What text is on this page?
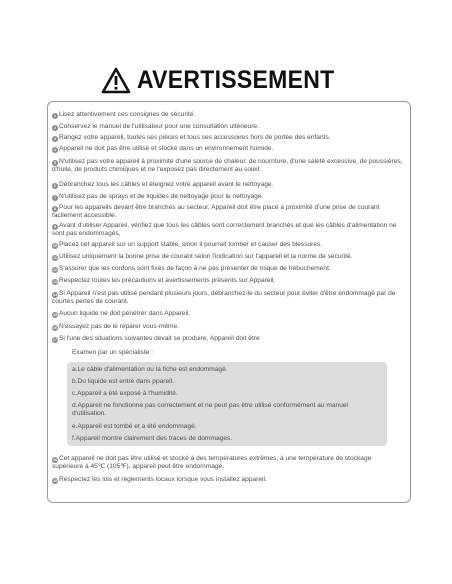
AVERTISSEMENT
1 Lisez attentivement ces consignes de sécurité.
2 Conservez le manuel de l'utilisateur pour une consultation ultérieure.
3 Rangez votre appareil, toutes ses pièces et tous ses accessoires hors de portée des enfants.
4 Appareil ne doit pas être utilisé et stocké dans un environnement humide.
5 N'utilisez pas votre appareil à proximité d'une source de chaleur, de nourriture, d'une saleté excessive, de poussières, d'huile, de produits chimiques et ne l'exposez pas directement au soleil.
6 Débranchez tous les câbles et éteignez votre appareil avant le nettoyage.
7 N'utilisez pas de sprays et de liquides de nettoyage pour le nettoyage.
8 Pour les appareils devant être branchés au secteur, Appareil doit être placé à proximité d'une prise de courant facilement accessible.
9 Avant d'utiliser Appareil, vérifiez que tous les câbles sont correctement branchés et que les câbles d'alimentation ne sont pas endommagés.
10 Placez cet appareil sur un support stable, sinon il pourrait tomber et causer des blessures.
11 Utilisez uniquement la bonne prise de courant selon l'indication sur l'appareil et la norme de sécurité.
12 S'assurer que les cordons sont fixés de façon à ne pas présenter de risque de trébuchement.
13 Respectez toutes les précautions et avertissements présents sur Appareil.
14 Si Appareil n'est pas utilisé pendant plusieurs jours, débranchez-le du secteur pour éviter d'être endommagé par de courtes pertes de courant.
15 Aucun liquide ne doit pénétrer dans Appareil.
16 N'essayez pas de le réparer vous-même.
17 Si l'une des situations suivantes devait se produire, Appareil doit être
Examen par un spécialiste :
a.Le câble d'alimentation ou la fiche est endommagé.
b.Du liquide est entré dans pparell.
c.Appareil a été exposé à l'humidité.
d.Appareil ne fonctionne pas correctement et ne peut pas être utilisé conformément au manuel d'utilisation.
e.Appareil est tombé et a été endommagé.
f.Appareil montre clairement des traces de dommages.
18 Cet appareil ne doit pas être utilisé et stocké à des températures extrêmes, à une température de stockage supérieure à 45℃ (105℉), appareil peut être endommagé.
19 Respectez les lois et règlements locaux lorsque vous installez appareil.
